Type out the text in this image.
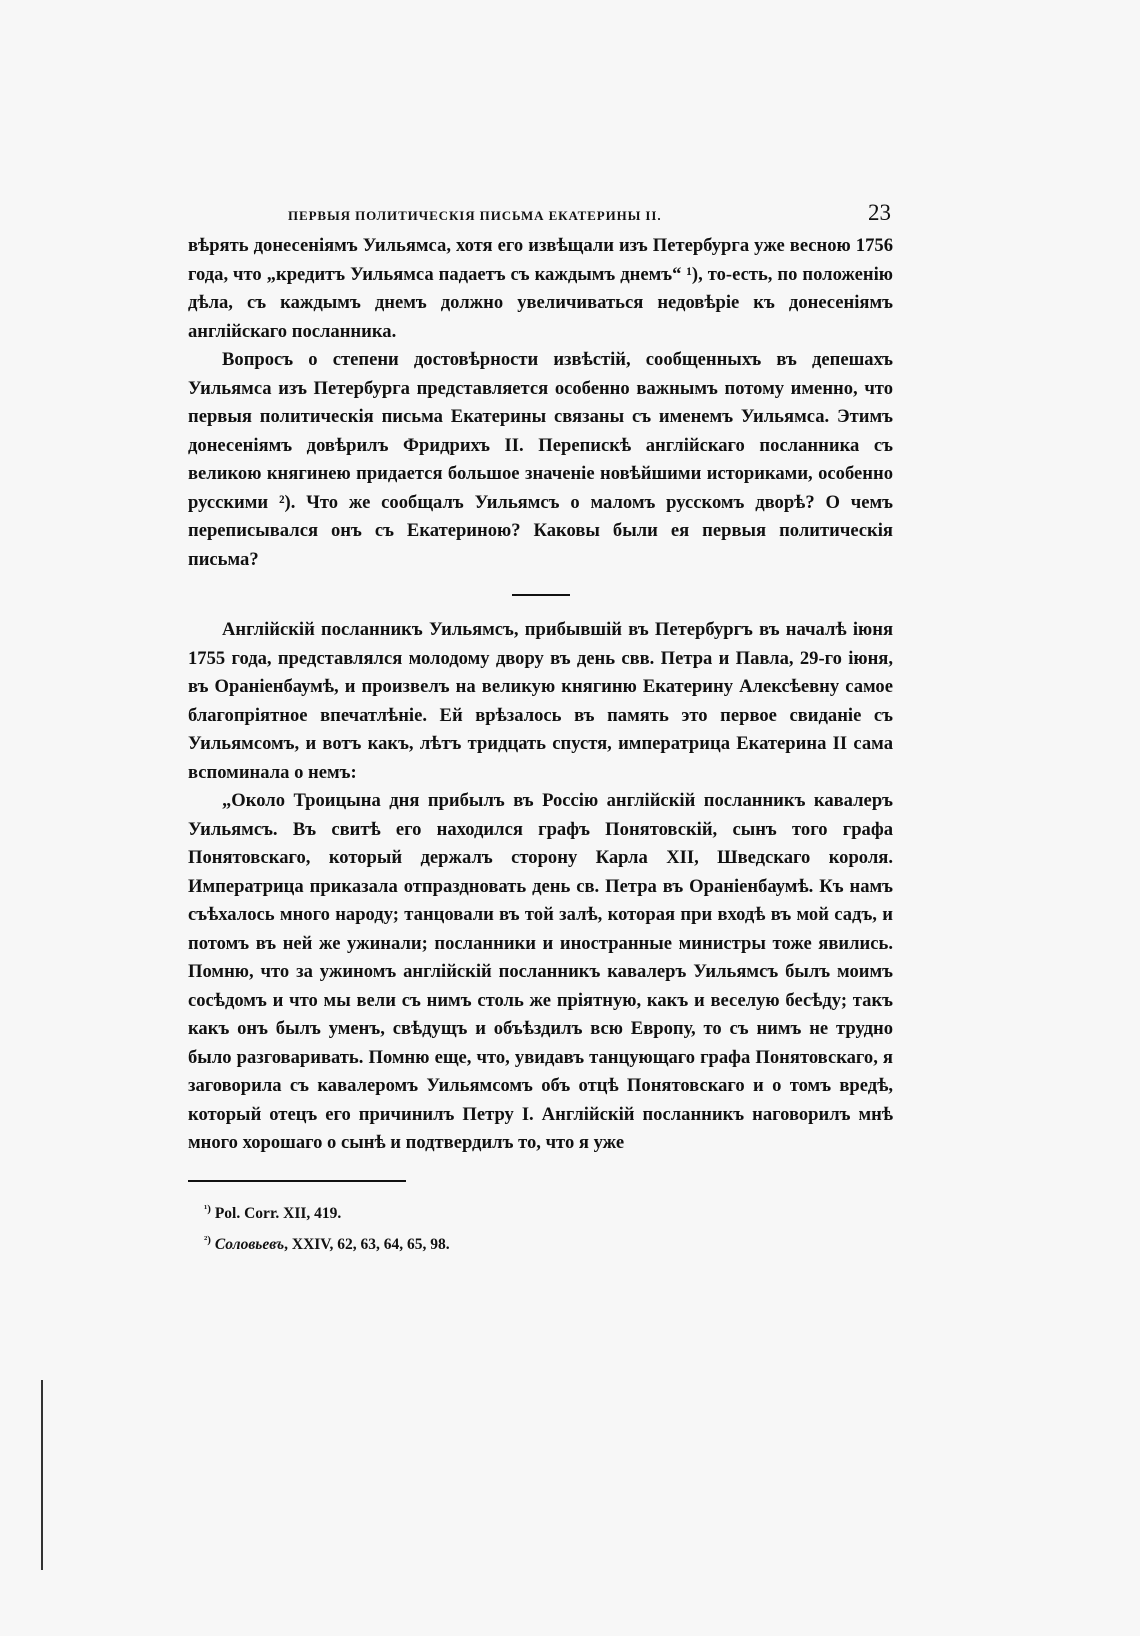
ПЕРВЫЯ ПОЛИТИЧЕСКІЯ ПИСЬМА ЕКАТЕРИНЫ II.	23

вѣрять донесеніямъ Уильямса, хотя его извѣщали изъ Петербурга уже весною 1756 года, что „кредитъ Уильямса падаетъ съ каждымъ днемъ“ ¹), то-есть, по положенію дѣла, съ каждымъ днемъ должно увеличиваться недовѣріе къ донесеніямъ англійскаго посланника.

Вопросъ о степени достовѣрности извѣстій, сообщенныхъ въ депешахъ Уильямса изъ Петербурга представляется особенно важнымъ потому именно, что первыя политическія письма Екатерины связаны съ именемъ Уильямса. Этимъ донесеніямъ довѣрилъ Фридрихъ II. Перепискѣ англійскаго посланника съ великою княгинею придается большое значеніе новѣйшими историками, особенно русскими ²). Что же сообщалъ Уильямсъ о маломъ русскомъ дворѣ? О чемъ переписывался онъ съ Екатериною? Каковы были ея первыя политическія письма?

Англійскій посланникъ Уильямсъ, прибывшій въ Петербургъ въ началѣ іюня 1755 года, представлялся молодому двору въ день свв. Петра и Павла, 29-го іюня, въ Ораніенбаумѣ, и произвелъ на великую княгиню Екатерину Алексѣевну самое благопріятное впечатлѣніе. Ей врѣзалось въ память это первое свиданіе съ Уильямсомъ, и вотъ какъ, лѣтъ тридцать спустя, императрица Екатерина II сама вспоминала о немъ:

„Около Троицына дня прибылъ въ Россію англійскій посланникъ кавалеръ Уильямсъ. Въ свитѣ его находился графъ Понятовскій, сынъ того графа Понятовскаго, который держалъ сторону Карла XII, Шведскаго короля. Императрица приказала отпраздновать день св. Петра въ Ораніенбаумѣ. Къ намъ съѣхалось много народу; танцовали въ той залѣ, которая при входѣ въ мой садъ, и потомъ въ ней же ужинали; посланники и иностранные министры тоже явились. Помню, что за ужиномъ англійскій посланникъ кавалеръ Уильямсъ былъ моимъ сосѣдомъ и что мы вели съ нимъ столь же пріятную, какъ и веселую бесѣду; такъ какъ онъ былъ уменъ, свѣдущъ и объѣздилъ всю Европу, то съ нимъ не трудно было разговаривать. Помню еще, что, увидавъ танцующаго графа Понятовскаго, я заговорила съ кавалеромъ Уильямсомъ объ отцѣ Понятовскаго и о томъ вредѣ, который отецъ его причинилъ Петру I. Англійскій посланникъ наговорилъ мнѣ много хорошаго о сынѣ и подтвердилъ то, что я уже

$^{^1)}$ Pol. Corr. XII, 419.
$^{^2)}$ Соловьевъ, XXIV, 62, 63, 64, 65, 98.
